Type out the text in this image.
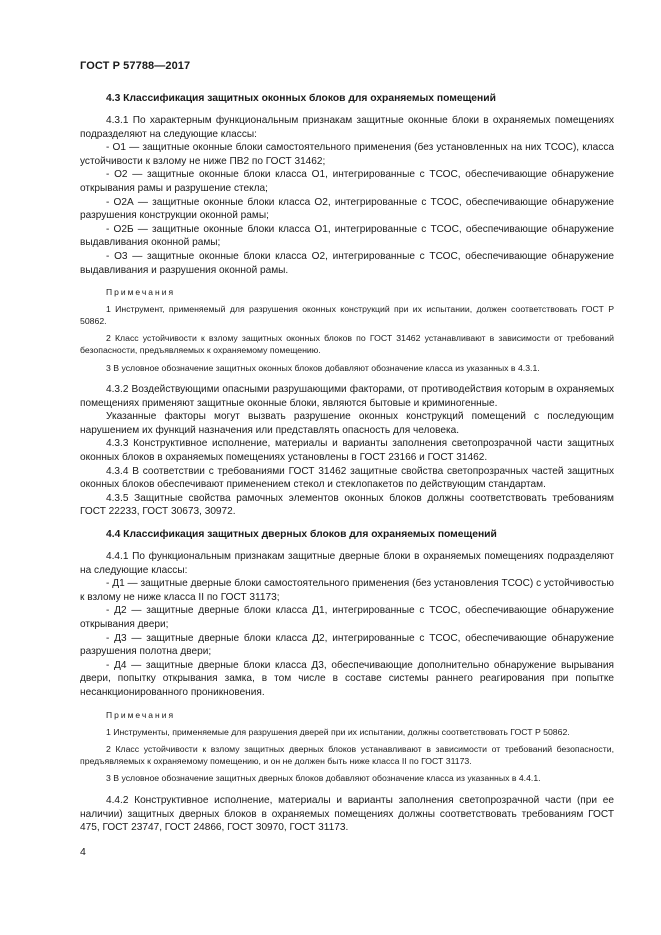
ГОСТ Р 57788—2017
4.3 Классификация защитных оконных блоков для охраняемых помещений

4.3.1 По характерным функциональным признакам защитные оконные блоки в охраняемых помещениях подразделяют на следующие классы:

- О1 — защитные оконные блоки самостоятельного применения (без установленных на них ТСОС), класса устойчивости к взлому не ниже ПВ2 по ГОСТ 31462;

- О2 — защитные оконные блоки класса О1, интегрированные с ТСОС, обеспечивающие обнаружение открывания рамы и разрушение стекла;

- О2А — защитные оконные блоки класса О2, интегрированные с ТСОС, обеспечивающие обнаружение разрушения конструкции оконной рамы;

- О2Б — защитные оконные блоки класса О1, интегрированные с ТСОС, обеспечивающие обнаружение выдавливания оконной рамы;

- О3 — защитные оконные блоки класса О2, интегрированные с ТСОС, обеспечивающие обнаружение выдавливания и разрушения оконной рамы.

Примечания
1 Инструмент, применяемый для разрушения оконных конструкций при их испытании, должен соответствовать ГОСТ Р 50862.
2 Класс устойчивости к взлому защитных оконных блоков по ГОСТ 31462 устанавливают в зависимости от требований безопасности, предъявляемых к охраняемому помещению.
3 В условное обозначение защитных оконных блоков добавляют обозначение класса из указанных в 4.3.1.

4.3.2 Воздействующими опасными разрушающими факторами, от противодействия которым в охраняемых помещениях применяют защитные оконные блоки, являются бытовые и криминогенные.

Указанные факторы могут вызвать разрушение оконных конструкций помещений с последующим нарушением их функций назначения или представлять опасность для человека.

4.3.3 Конструктивное исполнение, материалы и варианты заполнения светопрозрачной части защитных оконных блоков в охраняемых помещениях установлены в ГОСТ 23166 и ГОСТ 31462.

4.3.4 В соответствии с требованиями ГОСТ 31462 защитные свойства светопрозрачных частей защитных оконных блоков обеспечивают применением стекол и стеклопакетов по действующим стандартам.

4.3.5 Защитные свойства рамочных элементов оконных блоков должны соответствовать требованиям ГОСТ 22233, ГОСТ 30673, 30972.

4.4 Классификация защитных дверных блоков для охраняемых помещений

4.4.1 По функциональным признакам защитные дверные блоки в охраняемых помещениях подразделяют на следующие классы:

- Д1 — защитные дверные блоки самостоятельного применения (без установления ТСОС) с устойчивостью к взлому не ниже класса II по ГОСТ 31173;

- Д2 — защитные дверные блоки класса Д1, интегрированные с ТСОС, обеспечивающие обнаружение открывания двери;

- Д3 — защитные дверные блоки класса Д2, интегрированные с ТСОС, обеспечивающие обнаружение разрушения полотна двери;

- Д4 — защитные дверные блоки класса Д3, обеспечивающие дополнительно обнаружение вырывания двери, попытку открывания замка, в том числе в составе системы раннего реагирования при попытке несанкционированного проникновения.

Примечания
1 Инструменты, применяемые для разрушения дверей при их испытании, должны соответствовать ГОСТ Р 50862.
2 Класс устойчивости к взлому защитных дверных блоков устанавливают в зависимости от требований безопасности, предъявляемых к охраняемому помещению, и он не должен быть ниже класса II по ГОСТ 31173.
3 В условное обозначение защитных дверных блоков добавляют обозначение класса из указанных в 4.4.1.

4.4.2 Конструктивное исполнение, материалы и варианты заполнения светопрозрачной части (при ее наличии) защитных дверных блоков в охраняемых помещениях должны соответствовать требованиям ГОСТ 475, ГОСТ 23747, ГОСТ 24866, ГОСТ 30970, ГОСТ 31173.

4
